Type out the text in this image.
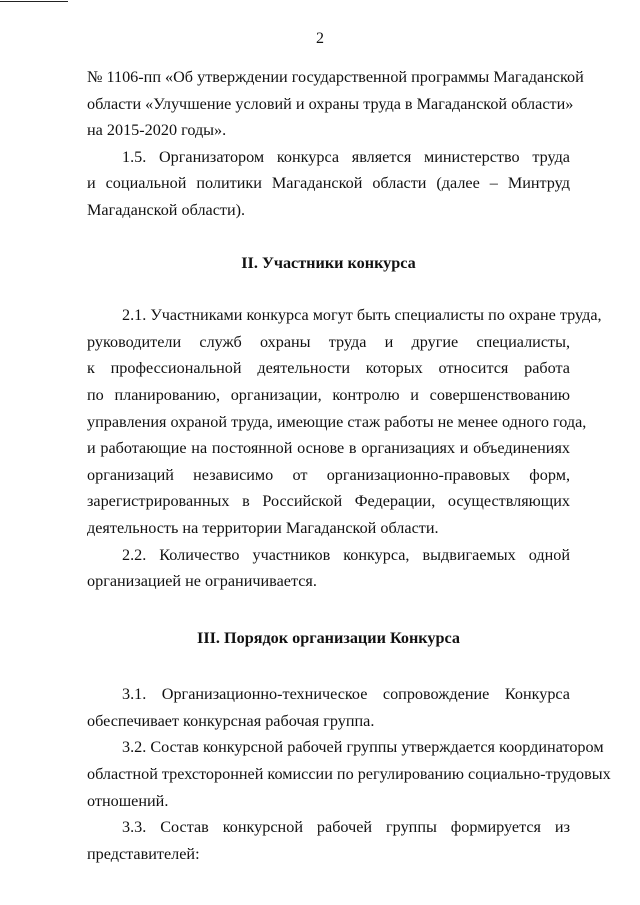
2

№ 1106-пп «Об утверждении государственной программы Магаданской
области «Улучшение условий и охраны труда в Магаданской области»
на 2015-2020 годы».

1.5. Организатором конкурса является министерство труда
и социальной политики Магаданской области (далее – Минтруд
Магаданской области).

II. Участники конкурса

2.1. Участниками конкурса могут быть специалисты по охране труда,
руководители служб охраны труда и другие специалисты,
к профессиональной деятельности которых относится работа
по планированию, организации, контролю и совершенствованию
управления охраной труда, имеющие стаж работы не менее одного года,
и работающие на постоянной основе в организациях и объединениях
организаций независимо от организационно-правовых форм,
зарегистрированных в Российской Федерации, осуществляющих
деятельность на территории Магаданской области.

2.2. Количество участников конкурса, выдвигаемых одной
организацией не ограничивается.

III. Порядок организации Конкурса

3.1. Организационно-техническое сопровождение Конкурса
обеспечивает конкурсная рабочая группа.

3.2. Состав конкурсной рабочей группы утверждается координатором
областной трехсторонней комиссии по регулированию социально-трудовых
отношений.

3.3. Состав конкурсной рабочей группы формируется из
представителей:
